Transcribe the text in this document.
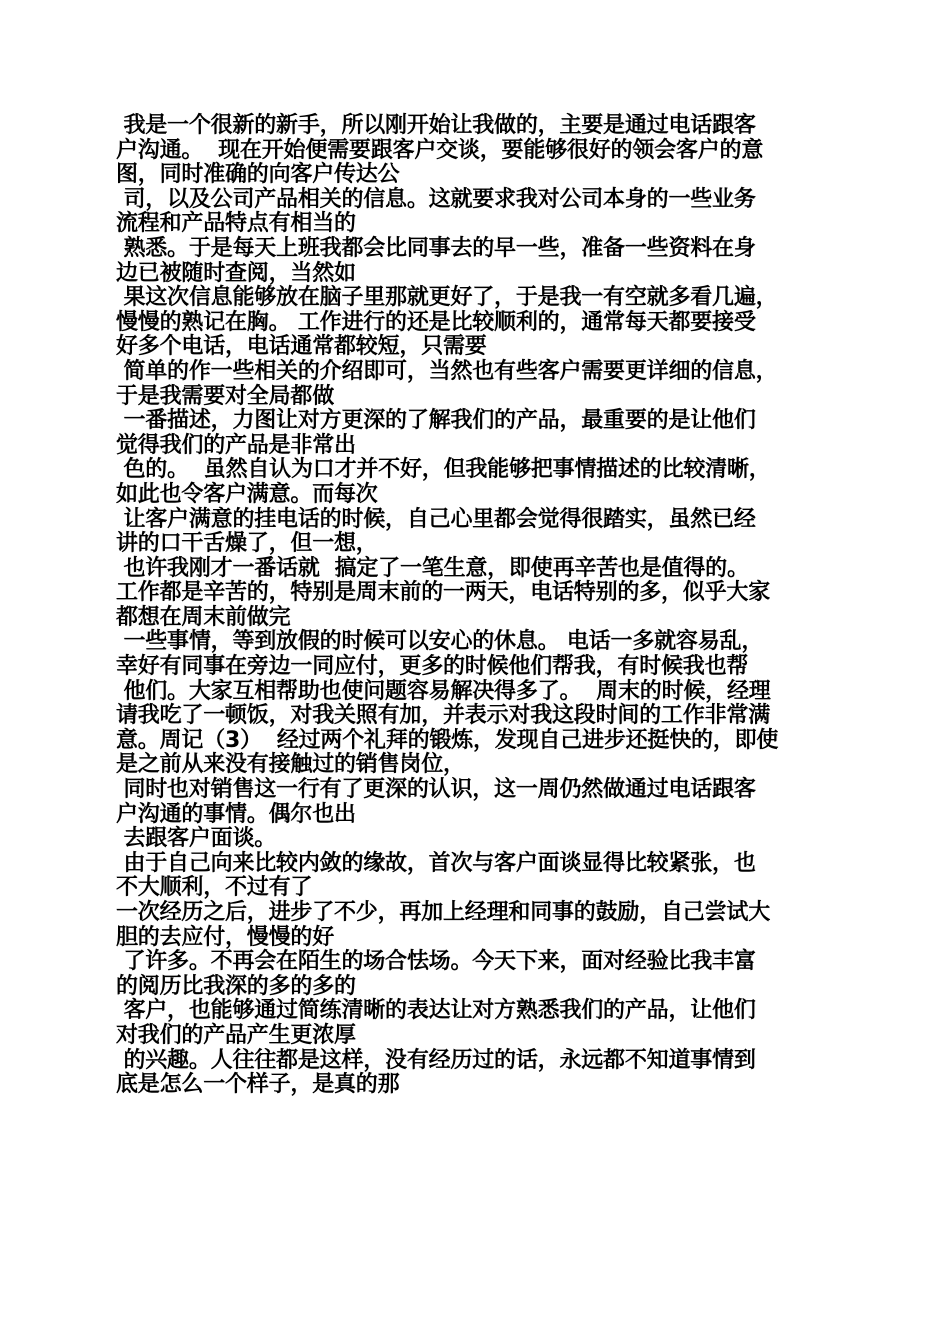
我是一个很新的新手，所以刚开始让我做的，主要是通过电话跟客

户沟通。  现在开始便需要跟客户交谈，要能够很好的领会客户的意

图，同时准确的向客户传达公

司，以及公司产品相关的信息。这就要求我对公司本身的一些业务

流程和产品特点有相当的

熟悉。于是每天上班我都会比同事去的早一些，准备一些资料在身

边已被随时查阅，当然如

果这次信息能够放在脑子里那就更好了，于是我一有空就多看几遍，

慢慢的熟记在胸。 工作进行的还是比较顺利的，通常每天都要接受

好多个电话，电话通常都较短，只需要

简单的作一些相关的介绍即可，当然也有些客户需要更详细的信息，

于是我需要对全局都做

一番描述，力图让对方更深的了解我们的产品，最重要的是让他们

觉得我们的产品是非常出

色的。  虽然自认为口才并不好，但我能够把事情描述的比较清晰，

如此也令客户满意。而每次

让客户满意的挂电话的时候，自己心里都会觉得很踏实，虽然已经

讲的口干舌燥了，但一想，

也许我刚才一番话就  搞定了一笔生意，即使再辛苦也是值得的。

工作都是辛苦的，特别是周末前的一两天，电话特别的多，似乎大家

都想在周末前做完

一些事情，等到放假的时候可以安心的休息。 电话一多就容易乱，

幸好有同事在旁边一同应付，更多的时候他们帮我，有时候我也帮

他们。大家互相帮助也使问题容易解决得多了。  周末的时候，经理

请我吃了一顿饭，对我关照有加，并表示对我这段时间的工作非常满

意。周记（3）  经过两个礼拜的锻炼，发现自己进步还挺快的，即使

是之前从来没有接触过的销售岗位，

同时也对销售这一行有了更深的认识，这一周仍然做通过电话跟客

户沟通的事情。偶尔也出

去跟客户面谈。

由于自己向来比较内敛的缘故，首次与客户面谈显得比较紧张，也

不大顺利，不过有了

一次经历之后，进步了不少，再加上经理和同事的鼓励，自己尝试大

胆的去应付，慢慢的好

了许多。不再会在陌生的场合怯场。今天下来，面对经验比我丰富

的阅历比我深的多的多的

客户，也能够通过简练清晰的表达让对方熟悉我们的产品，让他们

对我们的产品产生更浓厚

的兴趣。人往往都是这样，没有经历过的话，永远都不知道事情到

底是怎么一个样子，是真的那
